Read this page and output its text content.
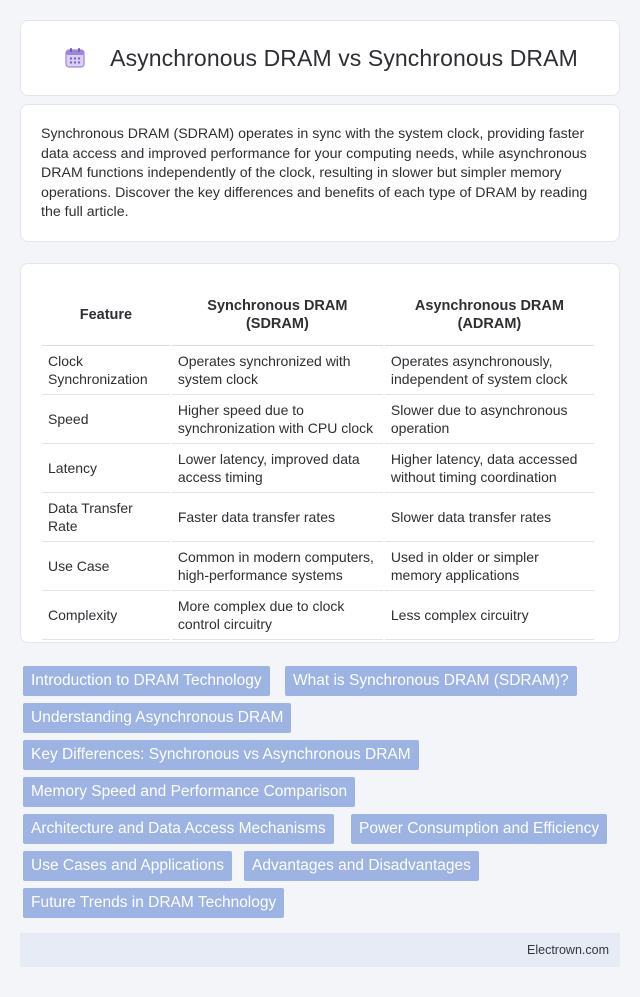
Asynchronous DRAM vs Synchronous DRAM

Synchronous DRAM (SDRAM) operates in sync with the system clock, providing faster data access and improved performance for your computing needs, while asynchronous DRAM functions independently of the clock, resulting in slower but simpler memory operations. Discover the key differences and benefits of each type of DRAM by reading the full article.

Feature	Synchronous DRAM (SDRAM)	Asynchronous DRAM (ADRAM)
Clock Synchronization	Operates synchronized with system clock	Operates asynchronously, independent of system clock
Speed	Higher speed due to synchronization with CPU clock	Slower due to asynchronous operation
Latency	Lower latency, improved data access timing	Higher latency, data accessed without timing coordination
Data Transfer Rate	Faster data transfer rates	Slower data transfer rates
Use Case	Common in modern computers, high-performance systems	Used in older or simpler memory applications
Complexity	More complex due to clock control circuitry	Less complex circuitry
Introduction to DRAM Technology	What is Synchronous DRAM (SDRAM)?
Understanding Asynchronous DRAM
Key Differences: Synchronous vs Asynchronous DRAM
Memory Speed and Performance Comparison
Architecture and Data Access Mechanisms	Power Consumption and Efficiency
Use Cases and Applications	Advantages and Disadvantages
Future Trends in DRAM Technology
Electrown.com
